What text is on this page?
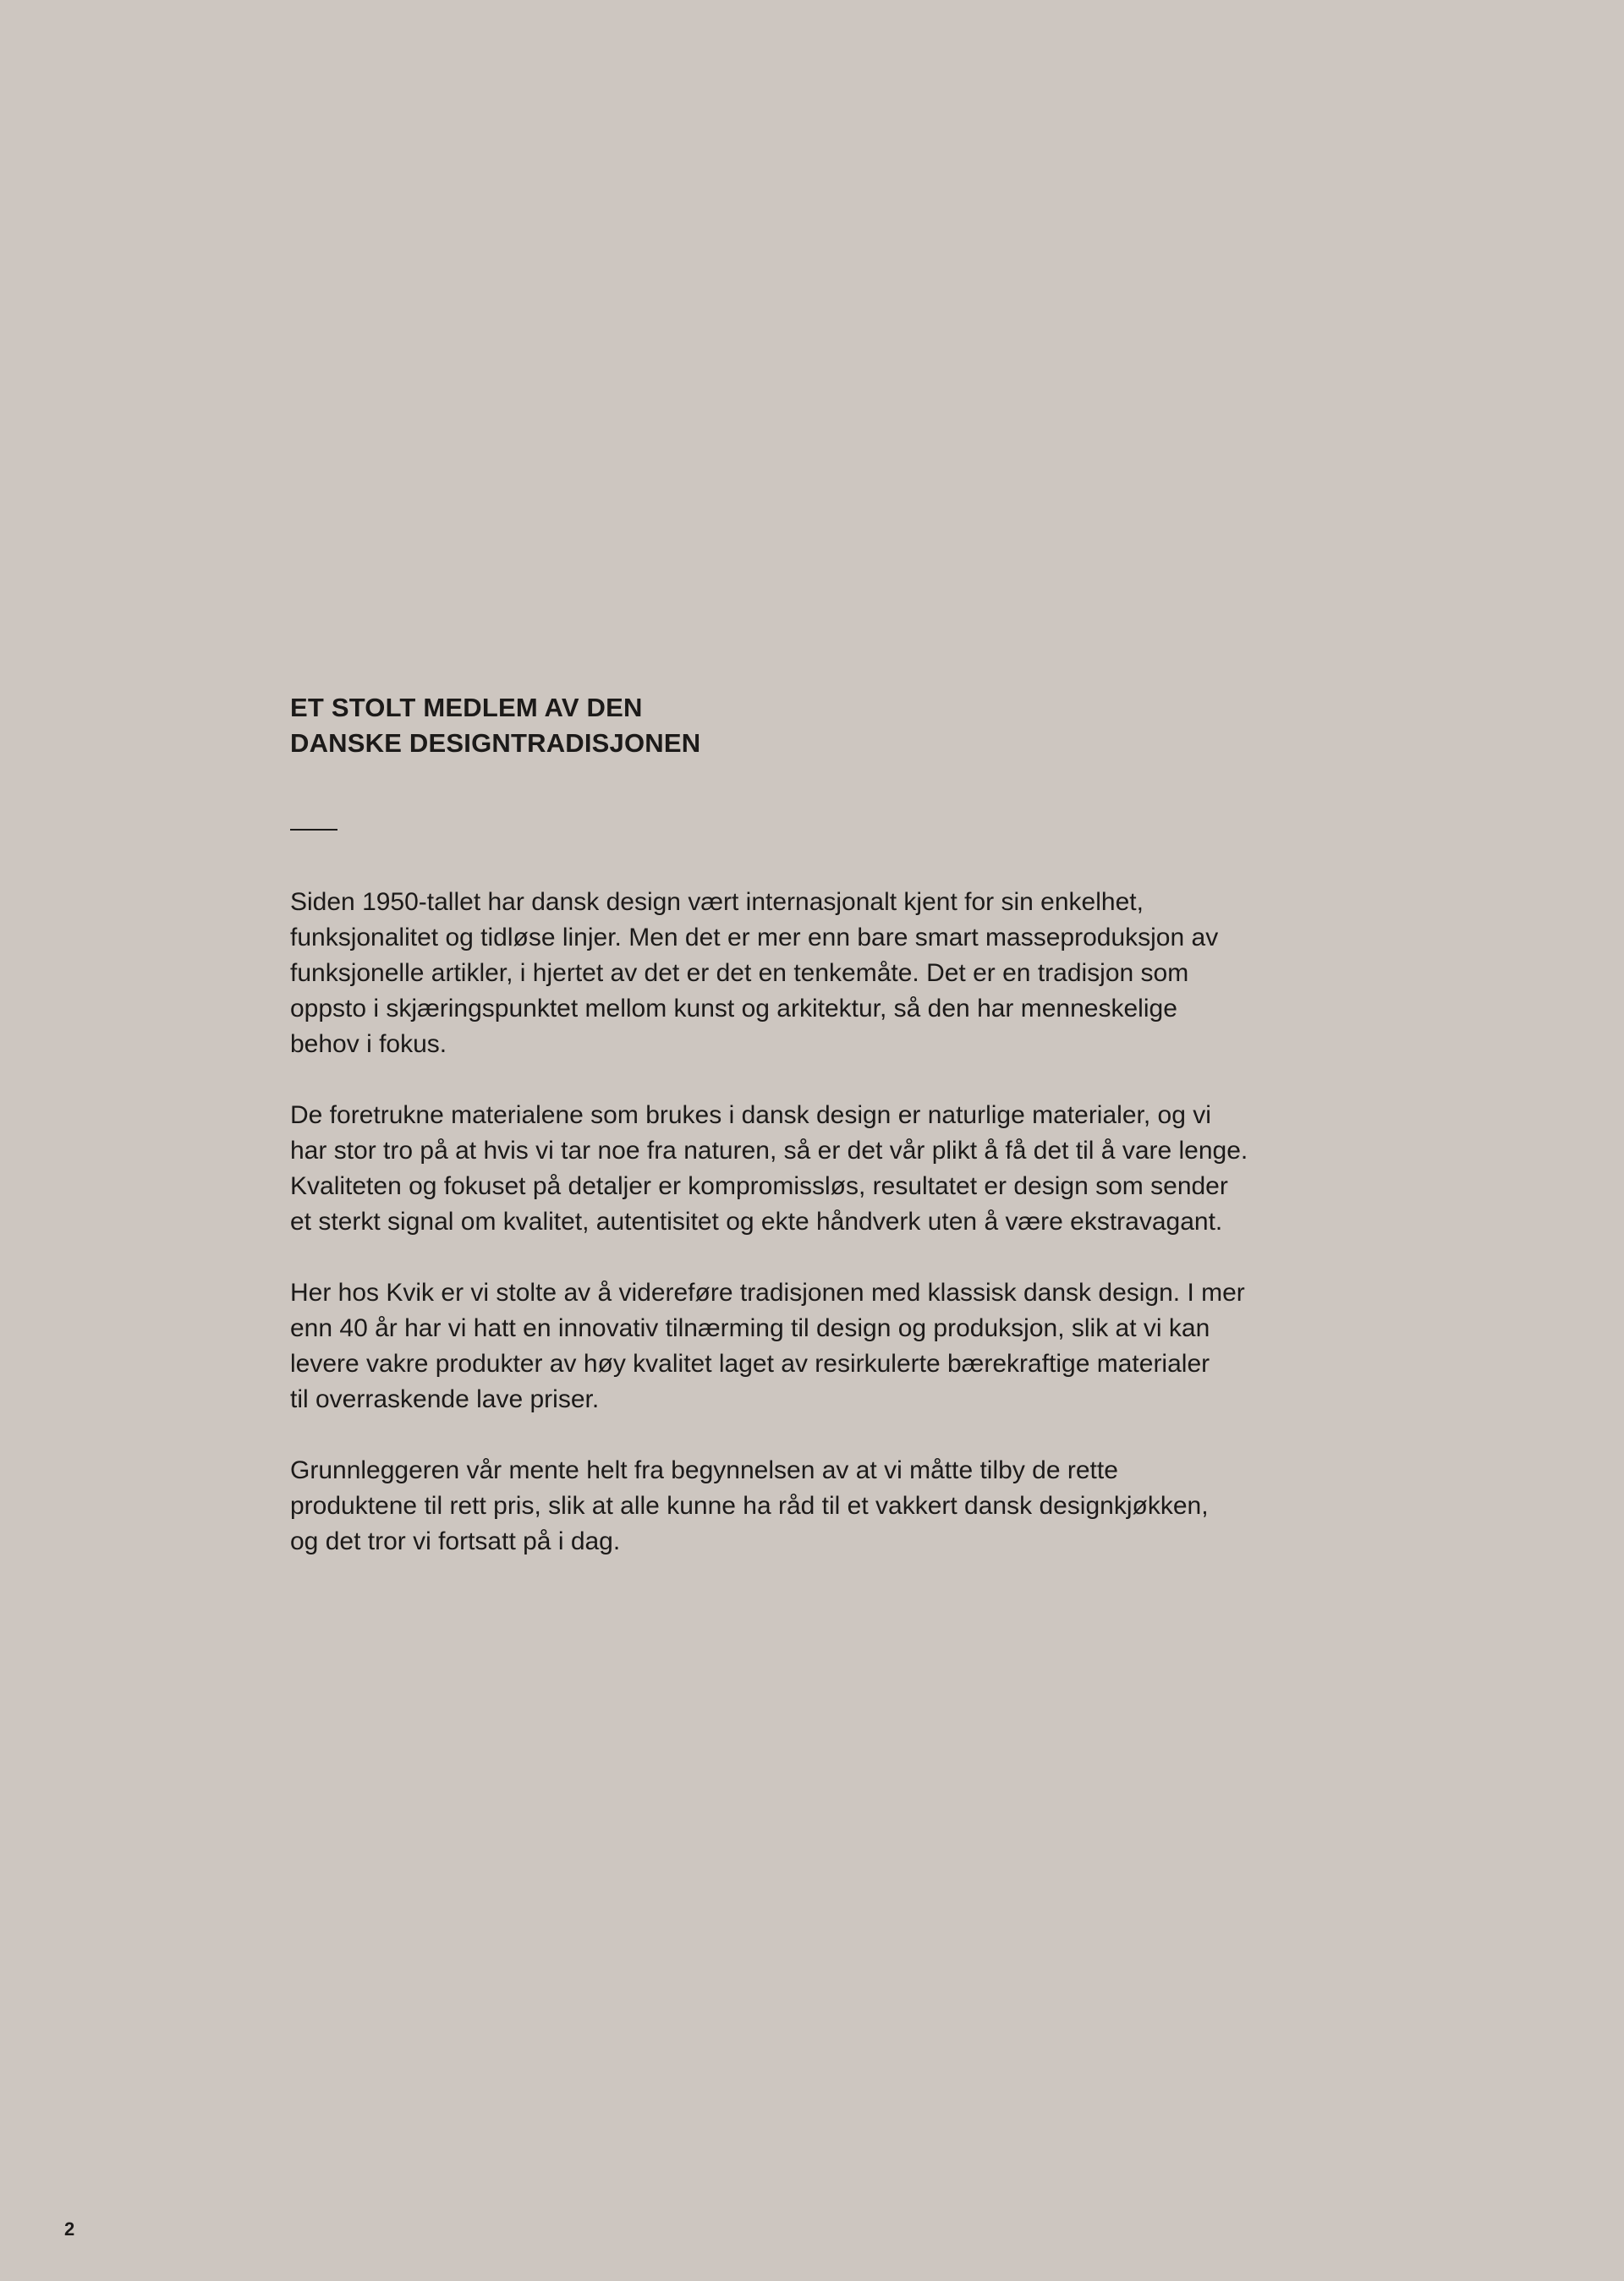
ET STOLT MEDLEM AV DEN
DANSKE DESIGNTRADISJONEN

Siden 1950-tallet har dansk design vært internasjonalt kjent for sin enkelhet,
funksjonalitet og tidløse linjer. Men det er mer enn bare smart masseproduksjon av
funksjonelle artikler, i hjertet av det er det en tenkemåte. Det er en tradisjon som
oppsto i skjæringspunktet mellom kunst og arkitektur, så den har menneskelige
behov i fokus.

De foretrukne materialene som brukes i dansk design er naturlige materialer, og vi
har stor tro på at hvis vi tar noe fra naturen, så er det vår plikt å få det til å vare lenge.
Kvaliteten og fokuset på detaljer er kompromissløs, resultatet er design som sender
et sterkt signal om kvalitet, autentisitet og ekte håndverk uten å være ekstravagant.

Her hos Kvik er vi stolte av å videreføre tradisjonen med klassisk dansk design. I mer
enn 40 år har vi hatt en innovativ tilnærming til design og produksjon, slik at vi kan
levere vakre produkter av høy kvalitet laget av resirkulerte bærekraftige materialer
til overraskende lave priser.

Grunnleggeren vår mente helt fra begynnelsen av at vi måtte tilby de rette
produktene til rett pris, slik at alle kunne ha råd til et vakkert dansk designkjøkken,
og det tror vi fortsatt på i dag.

2
